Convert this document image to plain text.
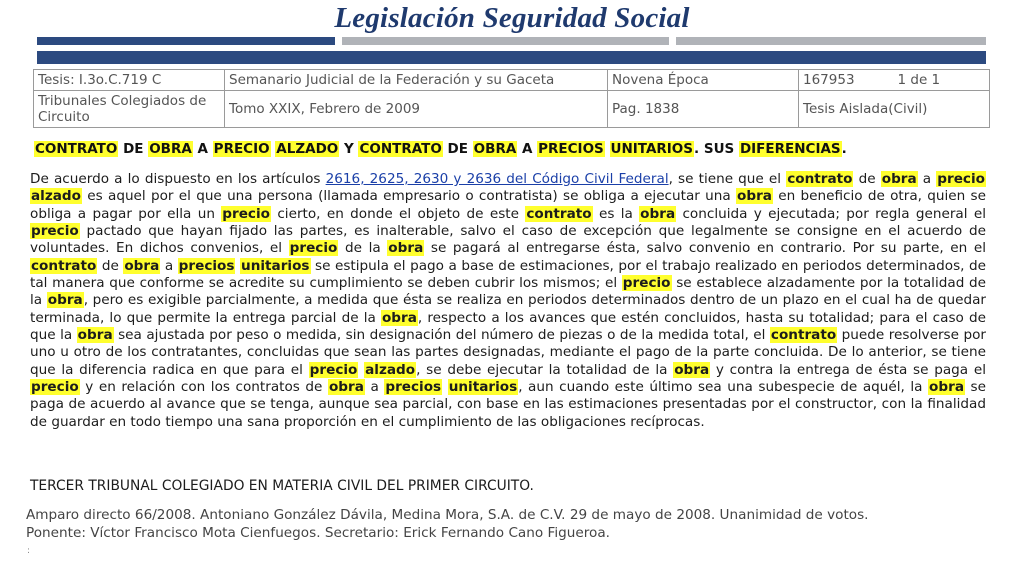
Legislación Seguridad Social
Tesis: I.3o.C.719 C	Semanario Judicial de la Federación y su Gaceta	Novena Época	167953	1 de 1
Tribunales Colegiados de Circuito	Tomo XXIX, Febrero de 2009	Pag. 1838	Tesis Aislada(Civil)	
CONTRATO DE OBRA A PRECIO ALZADO Y CONTRATO DE OBRA A PRECIOS UNITARIOS. SUS DIFERENCIAS.
De acuerdo a lo dispuesto en los artículos 2616, 2625, 2630 y 2636 del Código Civil Federal, se tiene que el contrato de obra a precio alzado es aquel por el que una persona (llamada empresario o contratista) se obliga a ejecutar una obra en beneficio de otra, quien se obliga a pagar por ella un precio cierto, en donde el objeto de este contrato es la obra concluida y ejecutada; por regla general el precio pactado que hayan fijado las partes, es inalterable, salvo el caso de excepción que legalmente se consigne en el acuerdo de voluntades. En dichos convenios, el precio de la obra se pagará al entregarse ésta, salvo convenio en contrario. Por su parte, en el contrato de obra a precios unitarios se estipula el pago a base de estimaciones, por el trabajo realizado en periodos determinados, de tal manera que conforme se acredite su cumplimiento se deben cubrir los mismos; el precio se establece alzadamente por la totalidad de la obra, pero es exigible parcialmente, a medida que ésta se realiza en periodos determinados dentro de un plazo en el cual ha de quedar terminada, lo que permite la entrega parcial de la obra, respecto a los avances que estén concluidos, hasta su totalidad; para el caso de que la obra sea ajustada por peso o medida, sin designación del número de piezas o de la medida total, el contrato puede resolverse por uno u otro de los contratantes, concluidas que sean las partes designadas, mediante el pago de la parte concluida. De lo anterior, se tiene que la diferencia radica en que para el precio alzado, se debe ejecutar la totalidad de la obra y contra la entrega de ésta se paga el precio y en relación con los contratos de obra a precios unitarios, aun cuando este último sea una subespecie de aquél, la obra se paga de acuerdo al avance que se tenga, aunque sea parcial, con base en las estimaciones presentadas por el constructor, con la finalidad de guardar en todo tiempo una sana proporción en el cumplimiento de las obligaciones recíprocas.
TERCER TRIBUNAL COLEGIADO EN MATERIA CIVIL DEL PRIMER CIRCUITO.
Amparo directo 66/2008. Antoniano González Dávila, Medina Mora, S.A. de C.V. 29 de mayo de 2008. Unanimidad de votos.
Ponente: Víctor Francisco Mota Cienfuegos. Secretario: Erick Fernando Cano Figueroa.
:
